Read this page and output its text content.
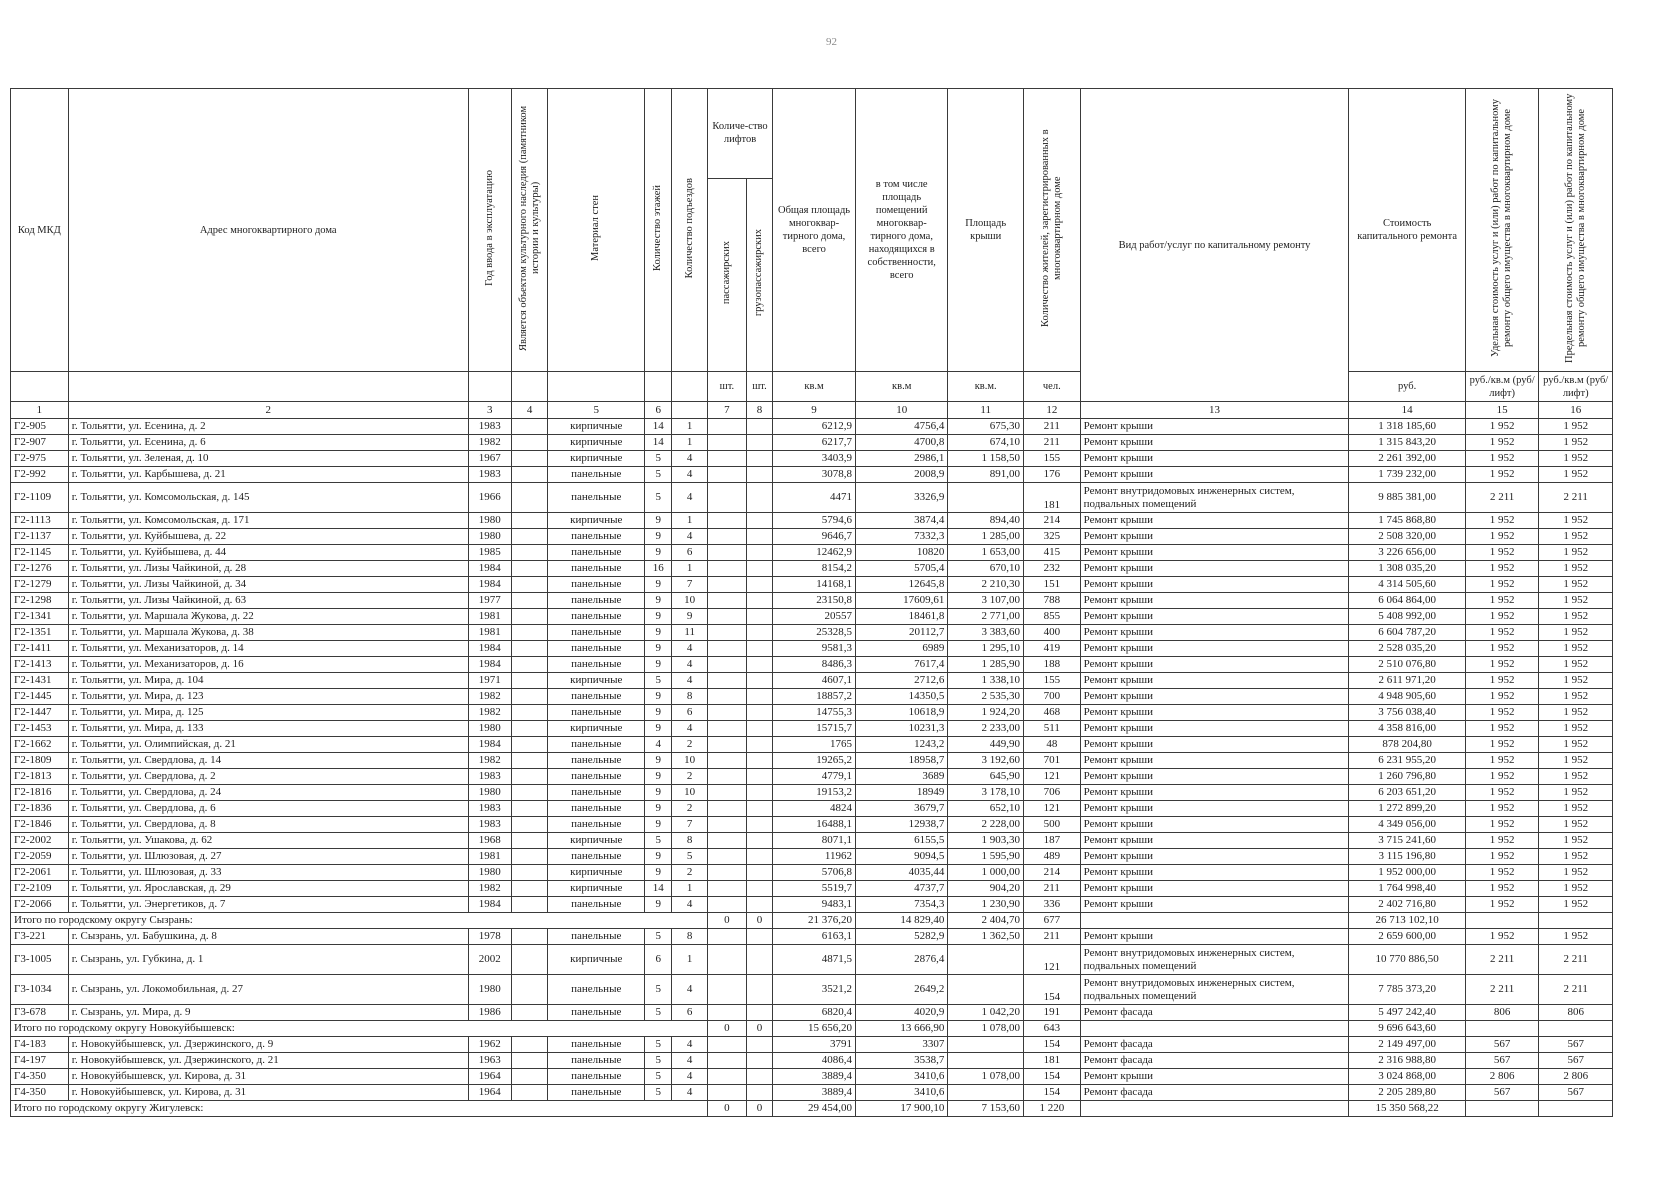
92
Код МКД	Адрес многоквартирного дома	Год ввода в эксплуатацию	Является объектом культурного наследия (памятником истории и культуры)	Материал стен	Количество этажей	Количество подъездов	Количе-ство лифтов		Общая площадь многоквар-тирного дома, всего	в том числе площадь помещений многоквар-тирного дома, находящихся в собственности, всего	Площадь крыши	Количество жителей, зарегистрированных в многоквартирном доме	Вид работ/услуг по капитальному ремонту	Стоимость капитального ремонта	Удельная стоимость услуг и (или) работ по капитальному ремонту общего имущества в многоквартирном доме	Предельная стоимость услуг и (или) работ по капитальному ремонту общего имущества в многоквартирном доме
							пассажирских	грузопассажирских								
							шт.	шт.	кв.м	кв.м	кв.м.	чел.		руб.	руб./кв.м (руб/лифт)	руб./кв.м (руб/лифт)
1	2	3	4	5	6		7	8	9	10	11	12	13	14	15	16
Г2-905	г. Тольятти, ул. Есенина, д. 2	1983		кирпичные	14	1			6212,9	4756,4	675,30	211	Ремонт крыши	1 318 185,60	1 952	1 952
Г2-907	г. Тольятти, ул. Есенина, д. 6	1982		кирпичные	14	1			6217,7	4700,8	674,10	211	Ремонт крыши	1 315 843,20	1 952	1 952
Г2-975	г. Тольятти, ул. Зеленая, д. 10	1967		кирпичные	5	4			3403,9	2986,1	1 158,50	155	Ремонт крыши	2 261 392,00	1 952	1 952
Г2-992	г. Тольятти, ул. Карбышева, д. 21	1983		панельные	5	4			3078,8	2008,9	891,00	176	Ремонт крыши	1 739 232,00	1 952	1 952
Г2-1109	г. Тольятти, ул. Комсомольская, д. 145	1966		панельные	5	4			4471	3326,9		181	Ремонт внутридомовых инженерных систем, подвальных помещений	9 885 381,00	2 211	2 211
Г2-1113	г. Тольятти, ул. Комсомольская, д. 171	1980		кирпичные	9	1			5794,6	3874,4	894,40	214	Ремонт крыши	1 745 868,80	1 952	1 952
Г2-1137	г. Тольятти, ул. Куйбышева, д. 22	1980		панельные	9	4			9646,7	7332,3	1 285,00	325	Ремонт крыши	2 508 320,00	1 952	1 952
Г2-1145	г. Тольятти, ул. Куйбышева, д. 44	1985		панельные	9	6			12462,9	10820	1 653,00	415	Ремонт крыши	3 226 656,00	1 952	1 952
Г2-1276	г. Тольятти, ул. Лизы Чайкиной, д. 28	1984		панельные	16	1			8154,2	5705,4	670,10	232	Ремонт крыши	1 308 035,20	1 952	1 952
Г2-1279	г. Тольятти, ул. Лизы Чайкиной, д. 34	1984		панельные	9	7			14168,1	12645,8	2 210,30	151	Ремонт крыши	4 314 505,60	1 952	1 952
Г2-1298	г. Тольятти, ул. Лизы Чайкиной, д. 63	1977		панельные	9	10			23150,8	17609,61	3 107,00	788	Ремонт крыши	6 064 864,00	1 952	1 952
Г2-1341	г. Тольятти, ул. Маршала Жукова, д. 22	1981		панельные	9	9			20557	18461,8	2 771,00	855	Ремонт крыши	5 408 992,00	1 952	1 952
Г2-1351	г. Тольятти, ул. Маршала Жукова, д. 38	1981		панельные	9	11			25328,5	20112,7	3 383,60	400	Ремонт крыши	6 604 787,20	1 952	1 952
Г2-1411	г. Тольятти, ул. Механизаторов, д. 14	1984		панельные	9	4			9581,3	6989	1 295,10	419	Ремонт крыши	2 528 035,20	1 952	1 952
Г2-1413	г. Тольятти, ул. Механизаторов, д. 16	1984		панельные	9	4			8486,3	7617,4	1 285,90	188	Ремонт крыши	2 510 076,80	1 952	1 952
Г2-1431	г. Тольятти, ул. Мира, д. 104	1971		кирпичные	5	4			4607,1	2712,6	1 338,10	155	Ремонт крыши	2 611 971,20	1 952	1 952
Г2-1445	г. Тольятти, ул. Мира, д. 123	1982		панельные	9	8			18857,2	14350,5	2 535,30	700	Ремонт крыши	4 948 905,60	1 952	1 952
Г2-1447	г. Тольятти, ул. Мира, д. 125	1982		панельные	9	6			14755,3	10618,9	1 924,20	468	Ремонт крыши	3 756 038,40	1 952	1 952
Г2-1453	г. Тольятти, ул. Мира, д. 133	1980		кирпичные	9	4			15715,7	10231,3	2 233,00	511	Ремонт крыши	4 358 816,00	1 952	1 952
Г2-1662	г. Тольятти, ул. Олимпийская, д. 21	1984		панельные	4	2			1765	1243,2	449,90	48	Ремонт крыши	878 204,80	1 952	1 952
Г2-1809	г. Тольятти, ул. Свердлова, д. 14	1982		панельные	9	10			19265,2	18958,7	3 192,60	701	Ремонт крыши	6 231 955,20	1 952	1 952
Г2-1813	г. Тольятти, ул. Свердлова, д. 2	1983		панельные	9	2			4779,1	3689	645,90	121	Ремонт крыши	1 260 796,80	1 952	1 952
Г2-1816	г. Тольятти, ул. Свердлова, д. 24	1980		панельные	9	10			19153,2	18949	3 178,10	706	Ремонт крыши	6 203 651,20	1 952	1 952
Г2-1836	г. Тольятти, ул. Свердлова, д. 6	1983		панельные	9	2			4824	3679,7	652,10	121	Ремонт крыши	1 272 899,20	1 952	1 952
Г2-1846	г. Тольятти, ул. Свердлова, д. 8	1983		панельные	9	7			16488,1	12938,7	2 228,00	500	Ремонт крыши	4 349 056,00	1 952	1 952
Г2-2002	г. Тольятти, ул. Ушакова, д. 62	1968		кирпичные	5	8			8071,1	6155,5	1 903,30	187	Ремонт крыши	3 715 241,60	1 952	1 952
Г2-2059	г. Тольятти, ул. Шлюзовая, д. 27	1981		панельные	9	5			11962	9094,5	1 595,90	489	Ремонт крыши	3 115 196,80	1 952	1 952
Г2-2061	г. Тольятти, ул. Шлюзовая, д. 33	1980		кирпичные	9	2			5706,8	4035,44	1 000,00	214	Ремонт крыши	1 952 000,00	1 952	1 952
Г2-2109	г. Тольятти, ул. Ярославская, д. 29	1982		кирпичные	14	1			5519,7	4737,7	904,20	211	Ремонт крыши	1 764 998,40	1 952	1 952
Г2-2066	г. Тольятти, ул. Энергетиков, д. 7	1984		панельные	9	4			9483,1	7354,3	1 230,90	336	Ремонт крыши	2 402 716,80	1 952	1 952
Итого по городскому округу Сызрань:							0	0	21 376,20	14 829,40	2 404,70	677		26 713 102,10		
Г3-221	г. Сызрань, ул. Бабушкина, д. 8	1978		панельные	5	8			6163,1	5282,9	1 362,50	211	Ремонт крыши	2 659 600,00	1 952	1 952
Г3-1005	г. Сызрань, ул. Губкина, д. 1	2002		кирпичные	6	1			4871,5	2876,4		121	Ремонт внутридомовых инженерных систем, подвальных помещений	10 770 886,50	2 211	2 211
Г3-1034	г. Сызрань, ул. Локомобильная, д. 27	1980		панельные	5	4			3521,2	2649,2		154	Ремонт внутридомовых инженерных систем, подвальных помещений	7 785 373,20	2 211	2 211
Г3-678	г. Сызрань, ул. Мира, д. 9	1986		панельные	5	6			6820,4	4020,9	1 042,20	191	Ремонт фасада	5 497 242,40	806	806
Итого по городскому округу Новокуйбышевск:							0	0	15 656,20	13 666,90	1 078,00	643		9 696 643,60		
Г4-183	г. Новокуйбышевск, ул. Дзержинского, д. 9	1962		панельные	5	4			3791	3307		154	Ремонт фасада	2 149 497,00	567	567
Г4-197	г. Новокуйбышевск, ул. Дзержинского, д. 21	1963		панельные	5	4			4086,4	3538,7		181	Ремонт фасада	2 316 988,80	567	567
Г4-350	г. Новокуйбышевск, ул. Кирова, д. 31	1964		панельные	5	4			3889,4	3410,6	1 078,00	154	Ремонт крыши	3 024 868,00	2 806	2 806
Г4-350	г. Новокуйбышевск, ул. Кирова, д. 31	1964		панельные	5	4			3889,4	3410,6		154	Ремонт фасада	2 205 289,80	567	567
Итого по городскому округу Жигулевск:							0	0	29 454,00	17 900,10	7 153,60	1 220		15 350 568,22		
